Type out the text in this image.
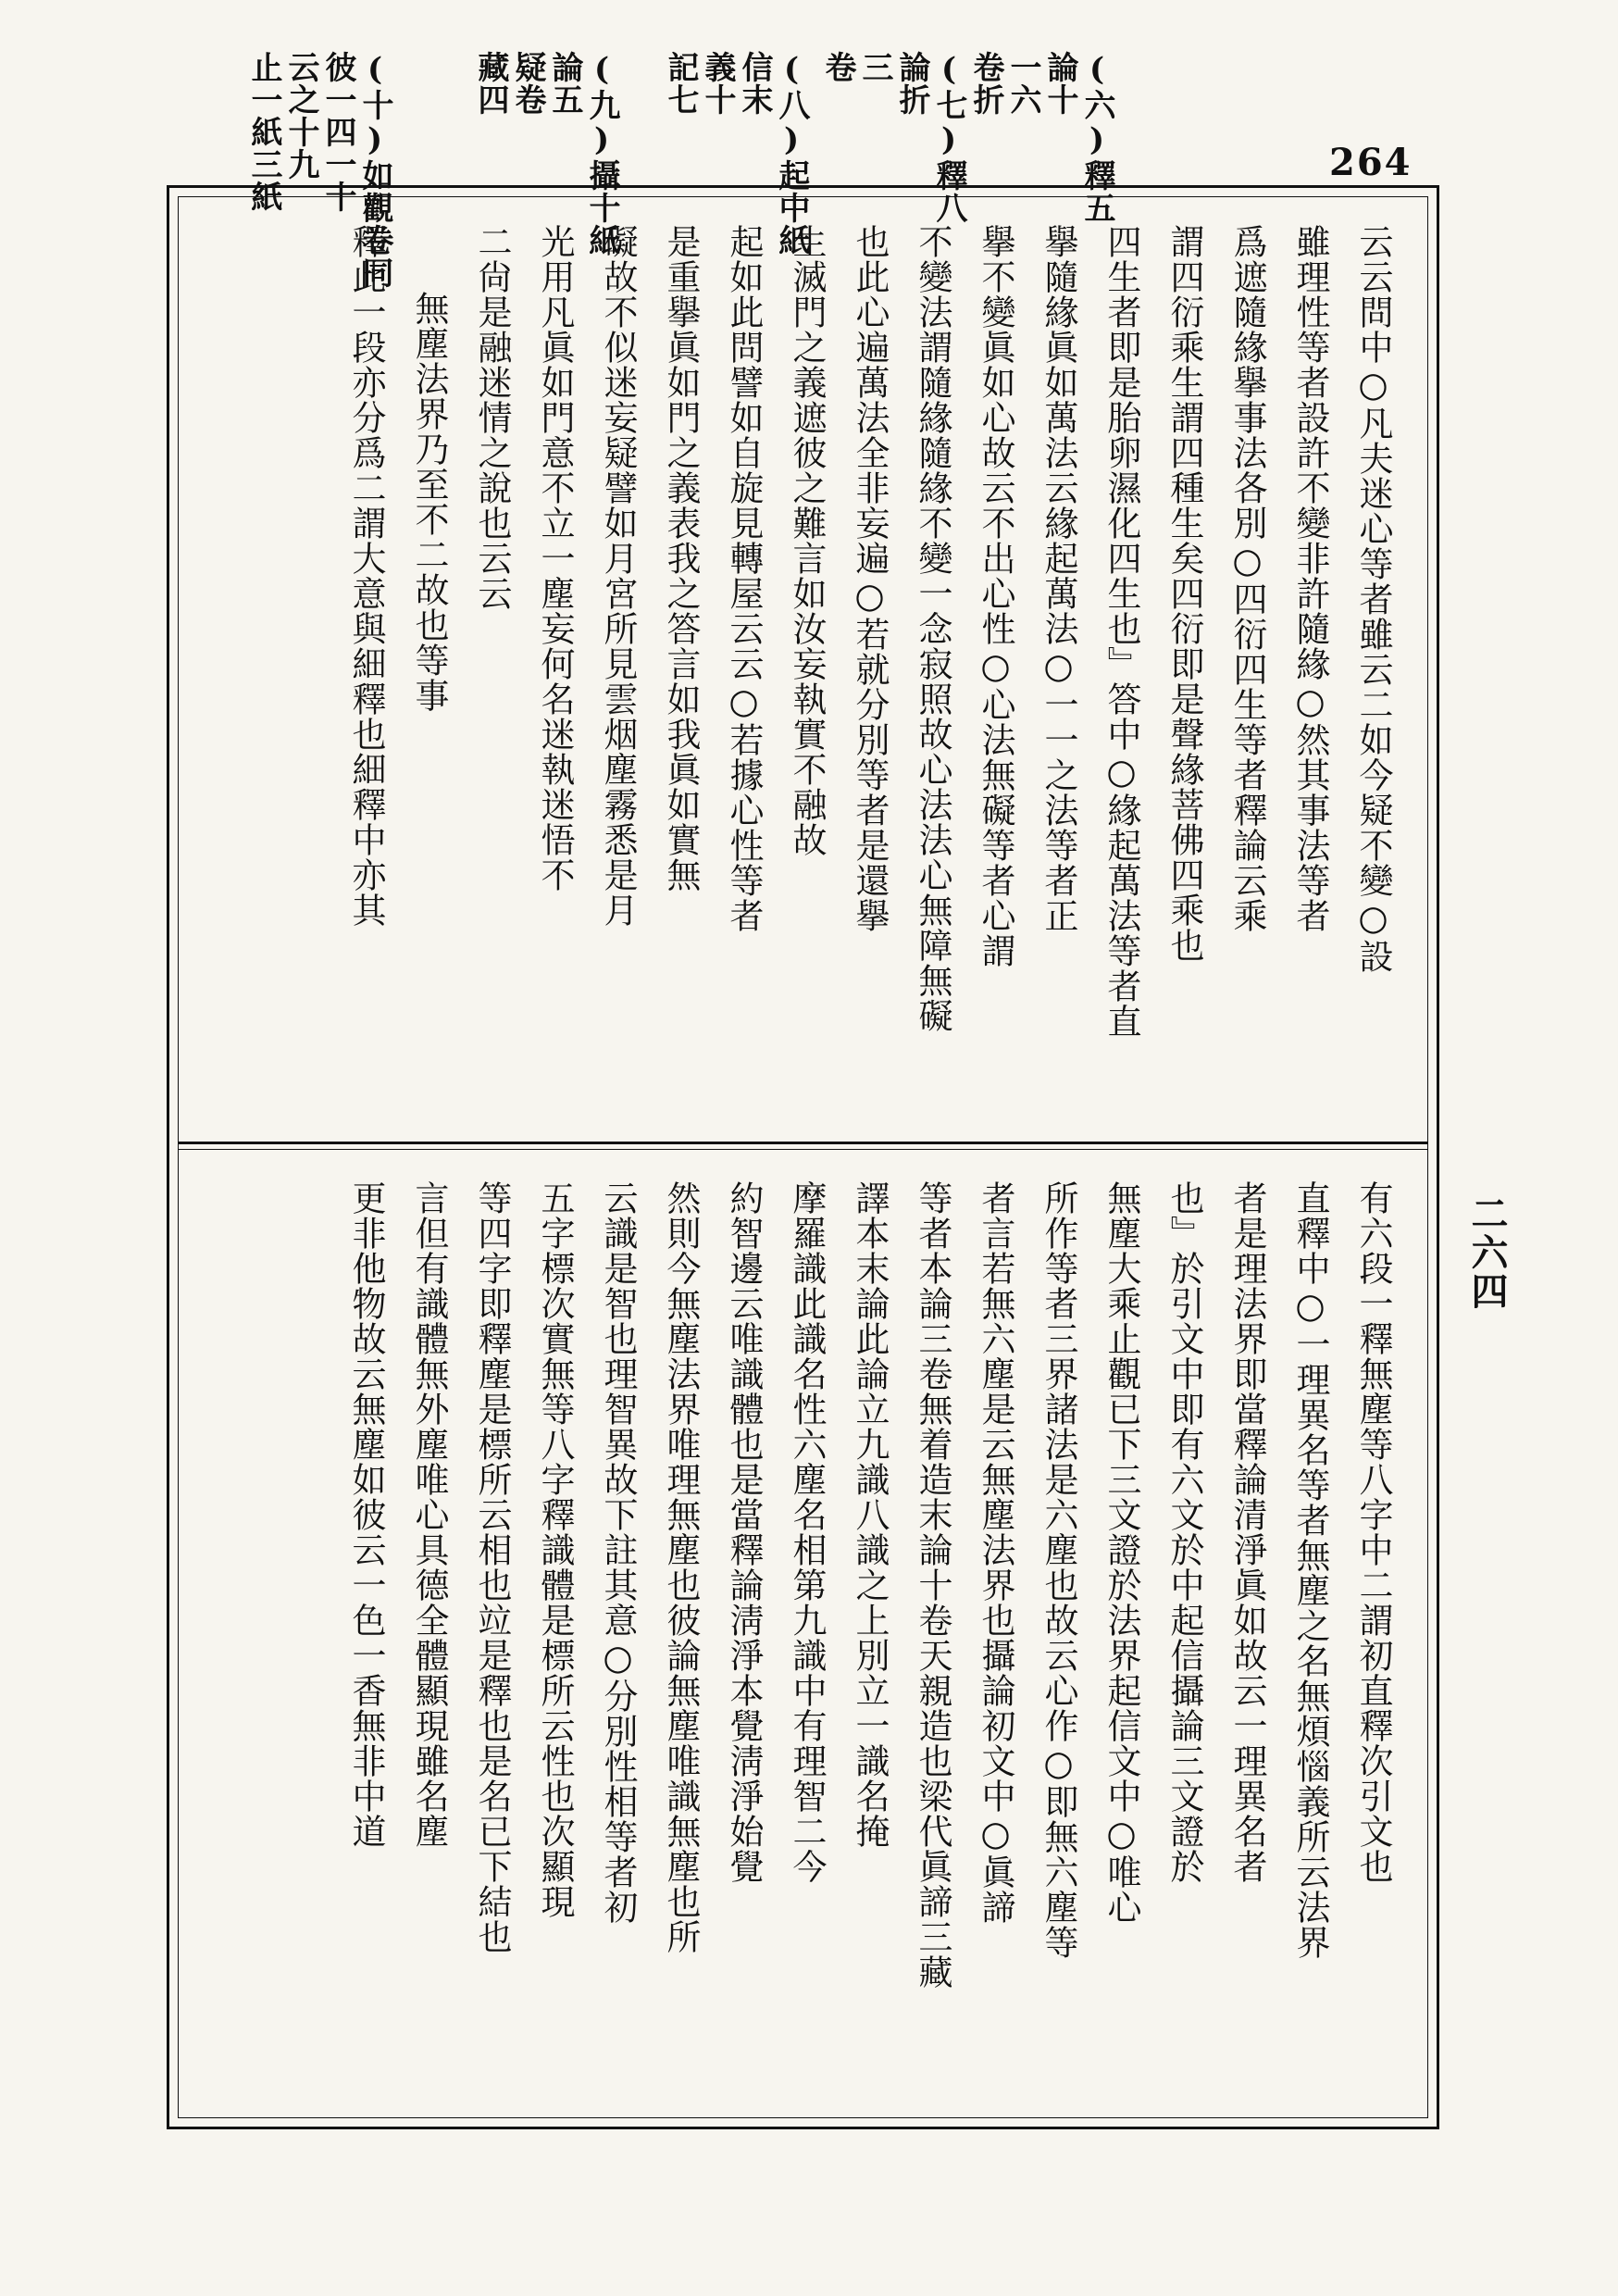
(十)如觀卷同
彼一四一十
云之十九
止一紙三紙	(九)攝十紙
論五
疑卷
藏四	(八)起中紙
信末
義十
記七	(七)釋八
論折
三
卷	(六)釋五
論十
一六
卷折
264
云云問中○凡夫迷心等者雖云二如今疑不變○設
雖理性等者設許不變非許隨緣○然其事法等者
爲遮隨緣擧事法各別○四衍四生等者釋論云乘
謂四衍乘生謂四種生矣四衍即是聲緣菩佛四乘也
四生者即是胎卵濕化四生也』答中○緣起萬法等者直
擧隨緣眞如萬法云緣起萬法○一一之法等者正
擧不變眞如心故云不出心性○心法無礙等者心謂
不變法謂隨緣隨緣不變一念寂照故心法法心無障無礙
也此心遍萬法全非妄遍○若就分別等者是還擧
生滅門之義遮彼之難言如汝妄執實不融故
起如此問譬如自旋見轉屋云云○若據心性等者
是重擧眞如門之義表我之答言如我眞如實無
礙故不似迷妄疑譬如月宮所見雲烟塵霧悉是月
光用凡眞如門意不立一塵妄何名迷執迷悟不
二尙是融迷情之說也云云
無塵法界乃至不二故也等事
釋此一段亦分爲二謂大意與細釋也細釋中亦其
有六段一釋無塵等八字中二謂初直釋次引文也
直釋中○一理異名等者無塵之名無煩惱義所云法界
者是理法界即當釋論清淨眞如故云一理異名者
也』於引文中即有六文於中起信攝論三文證於
無塵大乘止觀已下三文證於法界起信文中○唯心
所作等者三界諸法是六塵也故云心作○即無六塵等
者言若無六塵是云無塵法界也攝論初文中○眞諦
等者本論三卷無着造末論十卷天親造也梁代眞諦三藏
譯本末論此論立九識八識之上別立一識名掩
摩羅識此識名性六塵名相第九識中有理智二今
約智邊云唯識體也是當釋論淸淨本覺淸淨始覺
然則今無塵法界唯理無塵也彼論無塵唯識無塵也所
云識是智也理智異故下註其意○分別性相等者初
五字標次實無等八字釋識體是標所云性也次顯現
等四字即釋塵是標所云相也竝是釋也是名已下結也
言但有識體無外塵唯心具德全體顯現雖名塵
更非他物故云無塵如彼云一色一香無非中道	二六四
